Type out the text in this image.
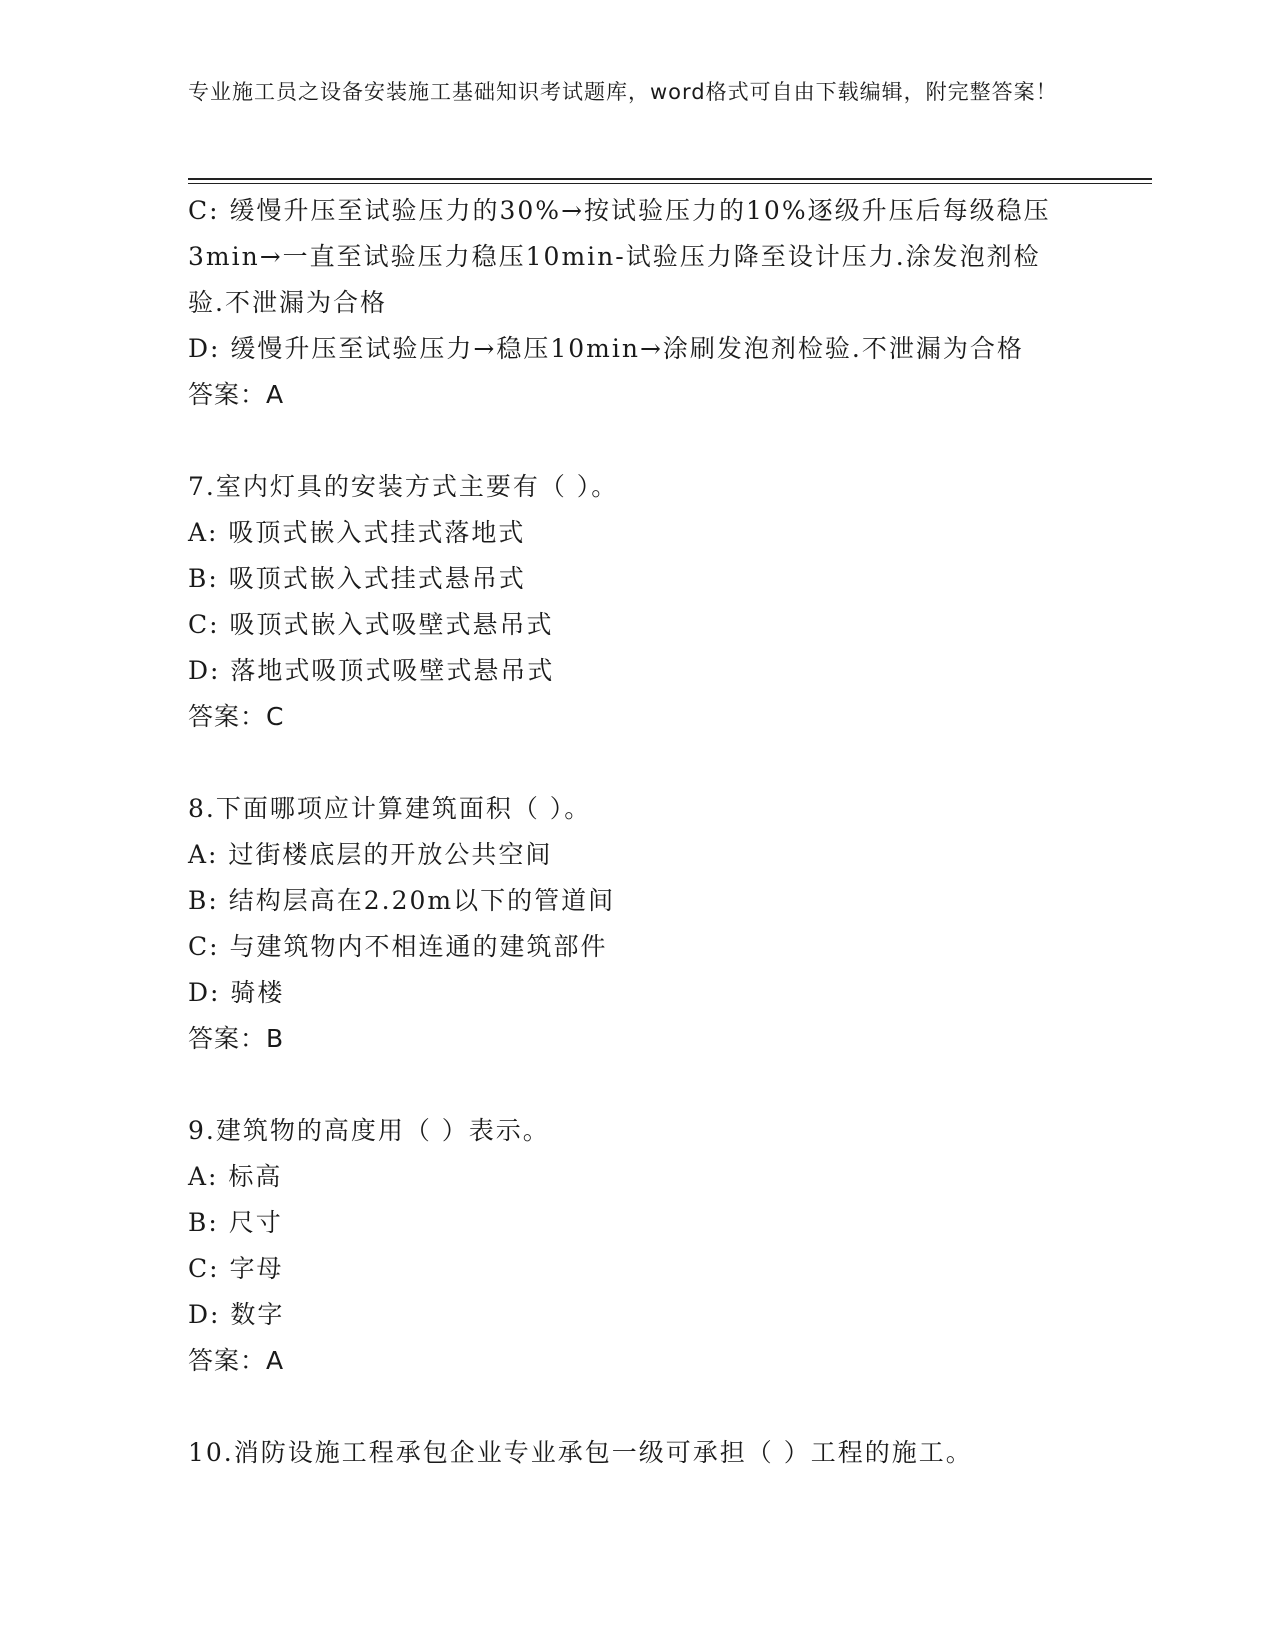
专业施工员之设备安装施工基础知识考试题库，word格式可自由下载编辑，附完整答案！

C: 缓慢升压至试验压力的30%→按试验压力的10%逐级升压后每级稳压3min→一直至试验压力稳压10min-试验压力降至设计压力.涂发泡剂检验.不泄漏为合格

D: 缓慢升压至试验压力→稳压10min→涂刷发泡剂检验.不泄漏为合格

答案：A

7.室内灯具的安装方式主要有（ ）。

A: 吸顶式嵌入式挂式落地式

B: 吸顶式嵌入式挂式悬吊式

C: 吸顶式嵌入式吸壁式悬吊式

D: 落地式吸顶式吸壁式悬吊式

答案：C

8.下面哪项应计算建筑面积（ ）。

A: 过街楼底层的开放公共空间

B: 结构层高在2.20m以下的管道间

C: 与建筑物内不相连通的建筑部件

D: 骑楼

答案：B

9.建筑物的高度用（ ）表示。

A: 标高

B: 尺寸

C: 字母

D: 数字

答案：A

10.消防设施工程承包企业专业承包一级可承担（ ）工程的施工。
